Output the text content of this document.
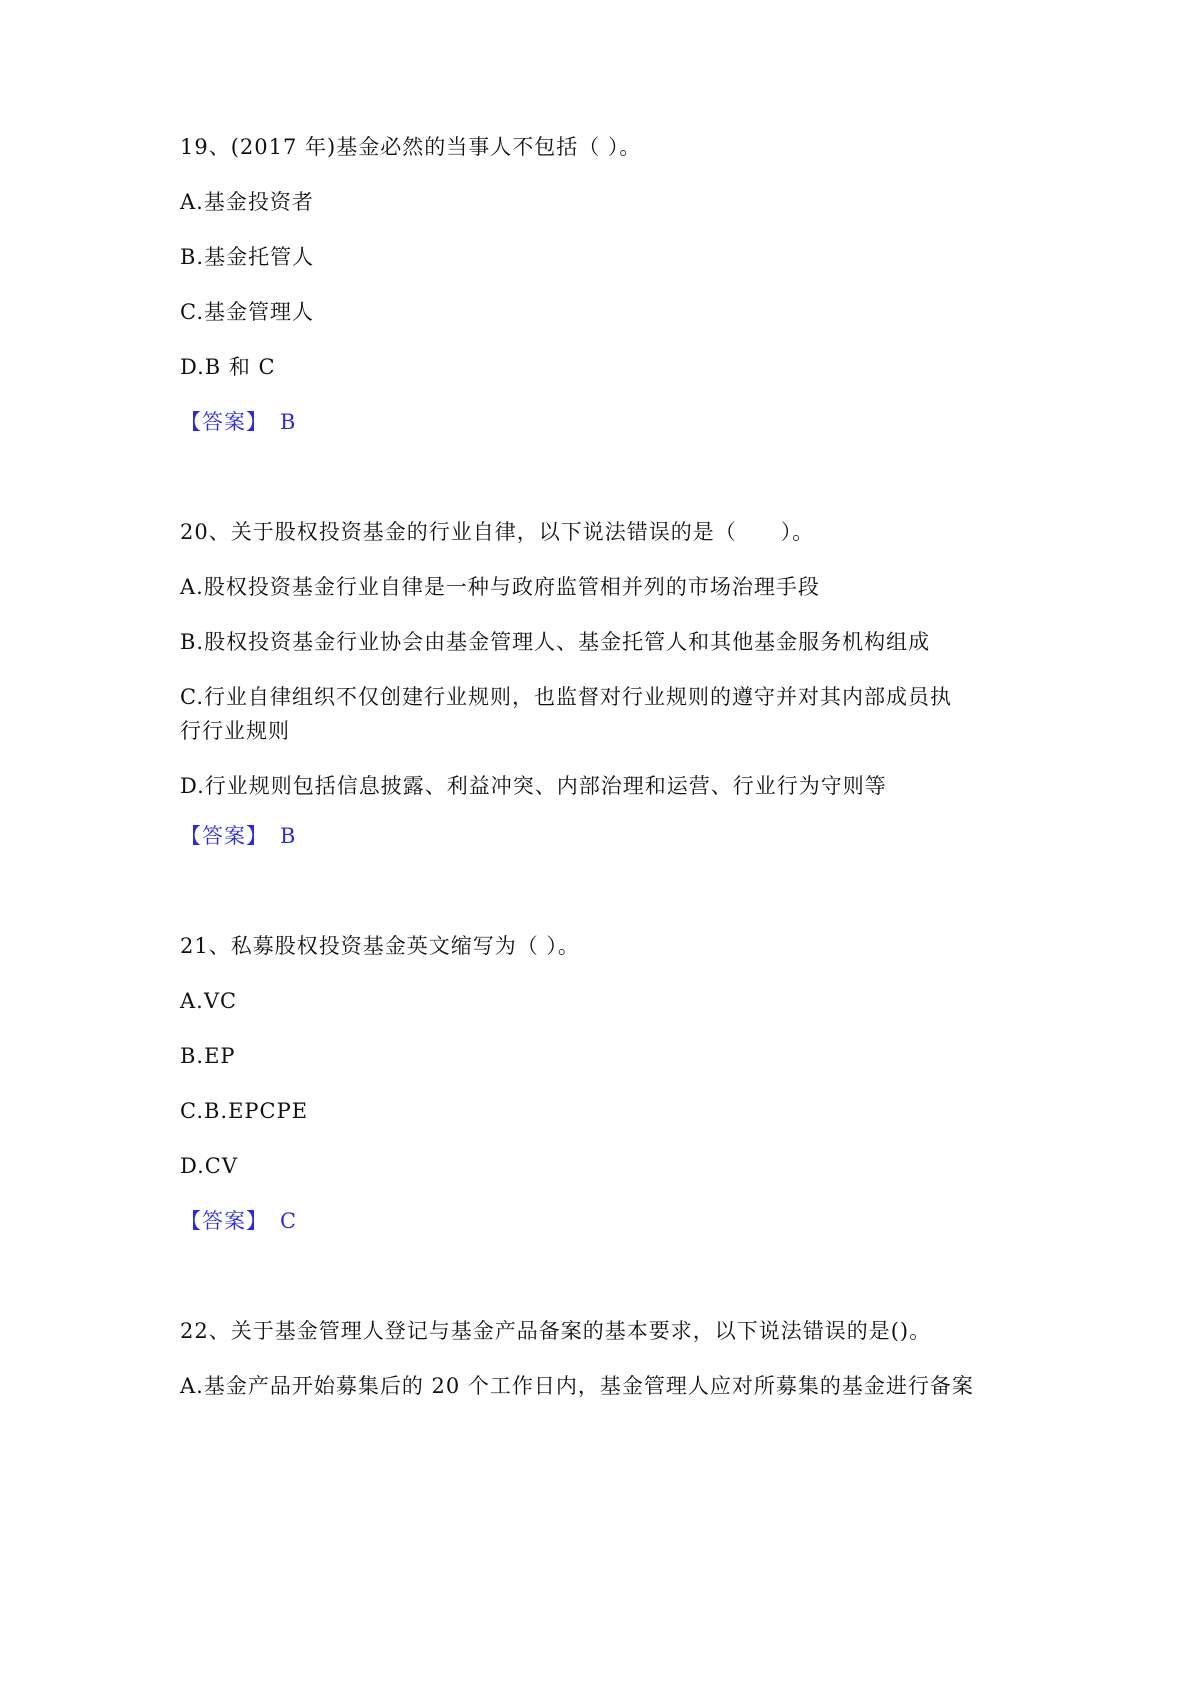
19、(2017 年)基金必然的当事人不包括（ ）。
A.基金投资者
B.基金托管人
C.基金管理人
D.B 和 C
【答案】 B
20、关于股权投资基金的行业自律，以下说法错误的是（　　）。
A.股权投资基金行业自律是一种与政府监管相并列的市场治理手段
B.股权投资基金行业协会由基金管理人、基金托管人和其他基金服务机构组成
C.行业自律组织不仅创建行业规则，也监督对行业规则的遵守并对其内部成员执行行业规则
D.行业规则包括信息披露、利益冲突、内部治理和运营、行业行为守则等
【答案】 B
21、私募股权投资基金英文缩写为（ ）。
A.VC
B.EP
C.B.EPCPE
D.CV
【答案】 C
22、关于基金管理人登记与基金产品备案的基本要求，以下说法错误的是()。
A.基金产品开始募集后的 20 个工作日内，基金管理人应对所募集的基金进行备案
